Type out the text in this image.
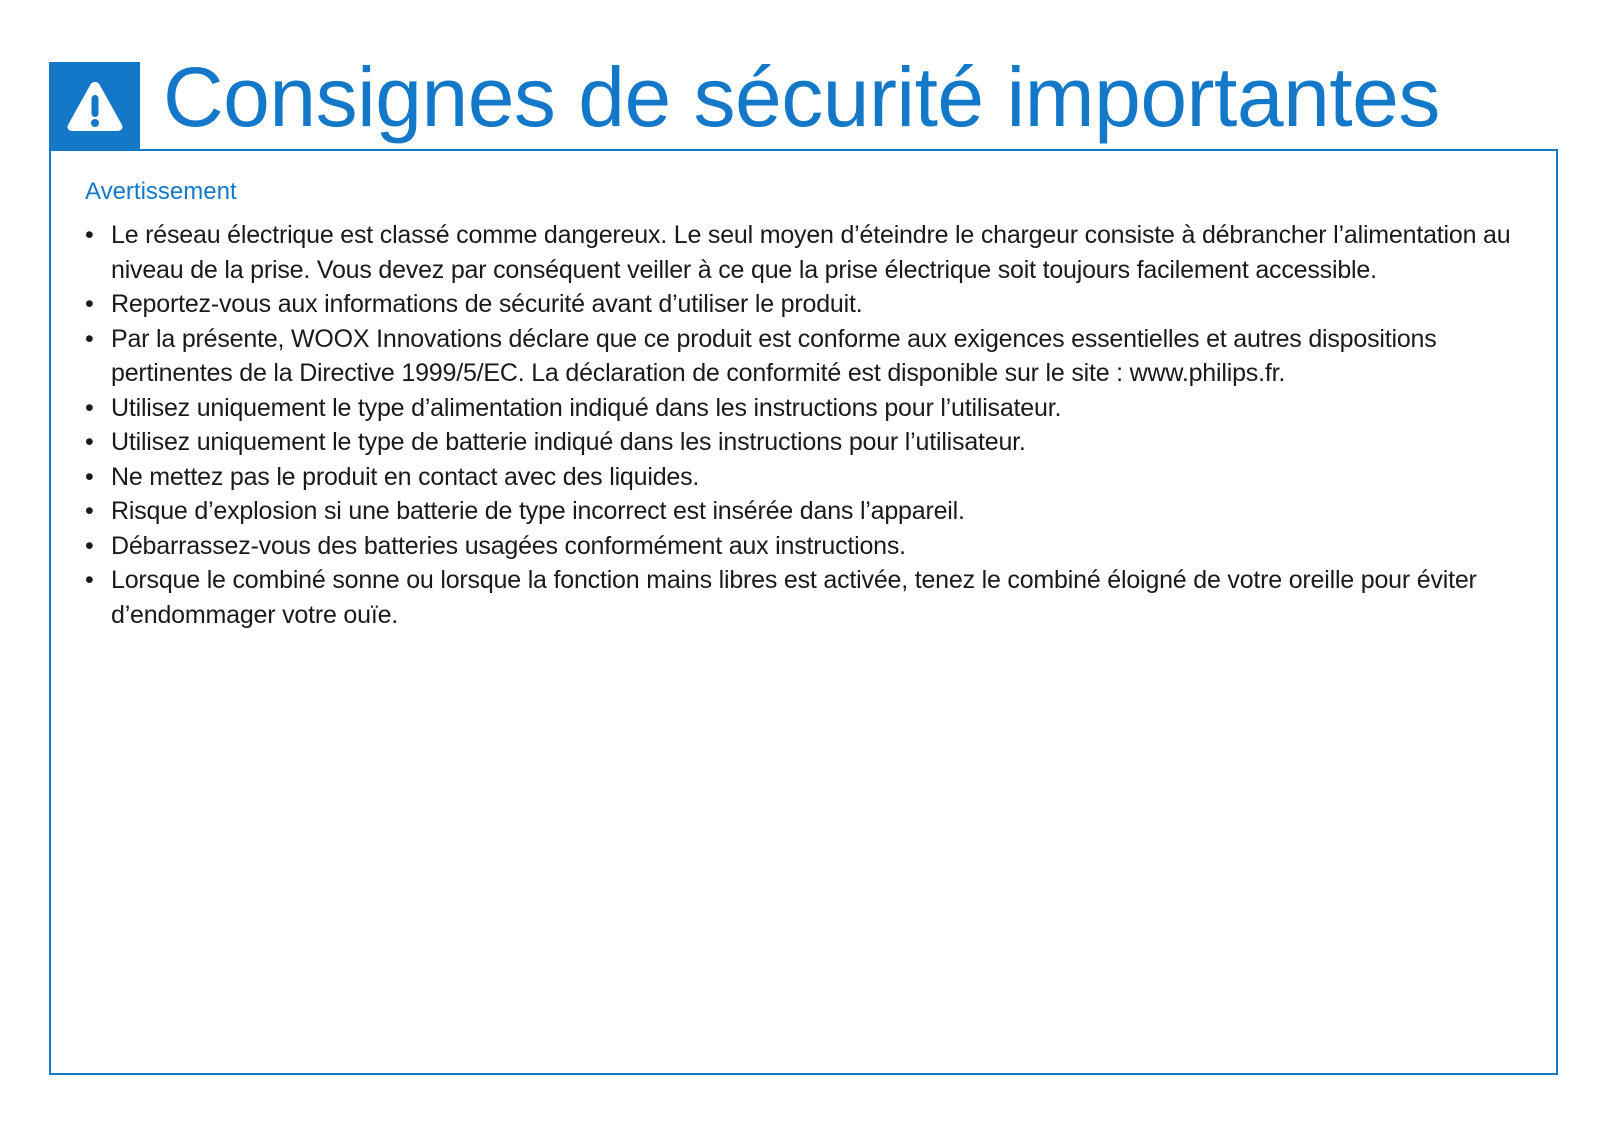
Consignes de sécurité importantes
Avertissement
• Le réseau électrique est classé comme dangereux. Le seul moyen d’éteindre le chargeur consiste à débrancher l’alimentation au niveau de la prise. Vous devez par conséquent veiller à ce que la prise électrique soit toujours facilement accessible.
• Reportez-vous aux informations de sécurité avant d’utiliser le produit.
• Par la présente, WOOX Innovations déclare que ce produit est conforme aux exigences essentielles et autres dispositions pertinentes de la Directive 1999/5/EC. La déclaration de conformité est disponible sur le site : www.philips.fr.
• Utilisez uniquement le type d’alimentation indiqué dans les instructions pour l’utilisateur.
• Utilisez uniquement le type de batterie indiqué dans les instructions pour l’utilisateur.
• Ne mettez pas le produit en contact avec des liquides.
• Risque d’explosion si une batterie de type incorrect est insérée dans l’appareil.
• Débarrassez-vous des batteries usagées conformément aux instructions.
• Lorsque le combiné sonne ou lorsque la fonction mains libres est activée, tenez le combiné éloigné de votre oreille pour éviter d’endommager votre ouïe.
